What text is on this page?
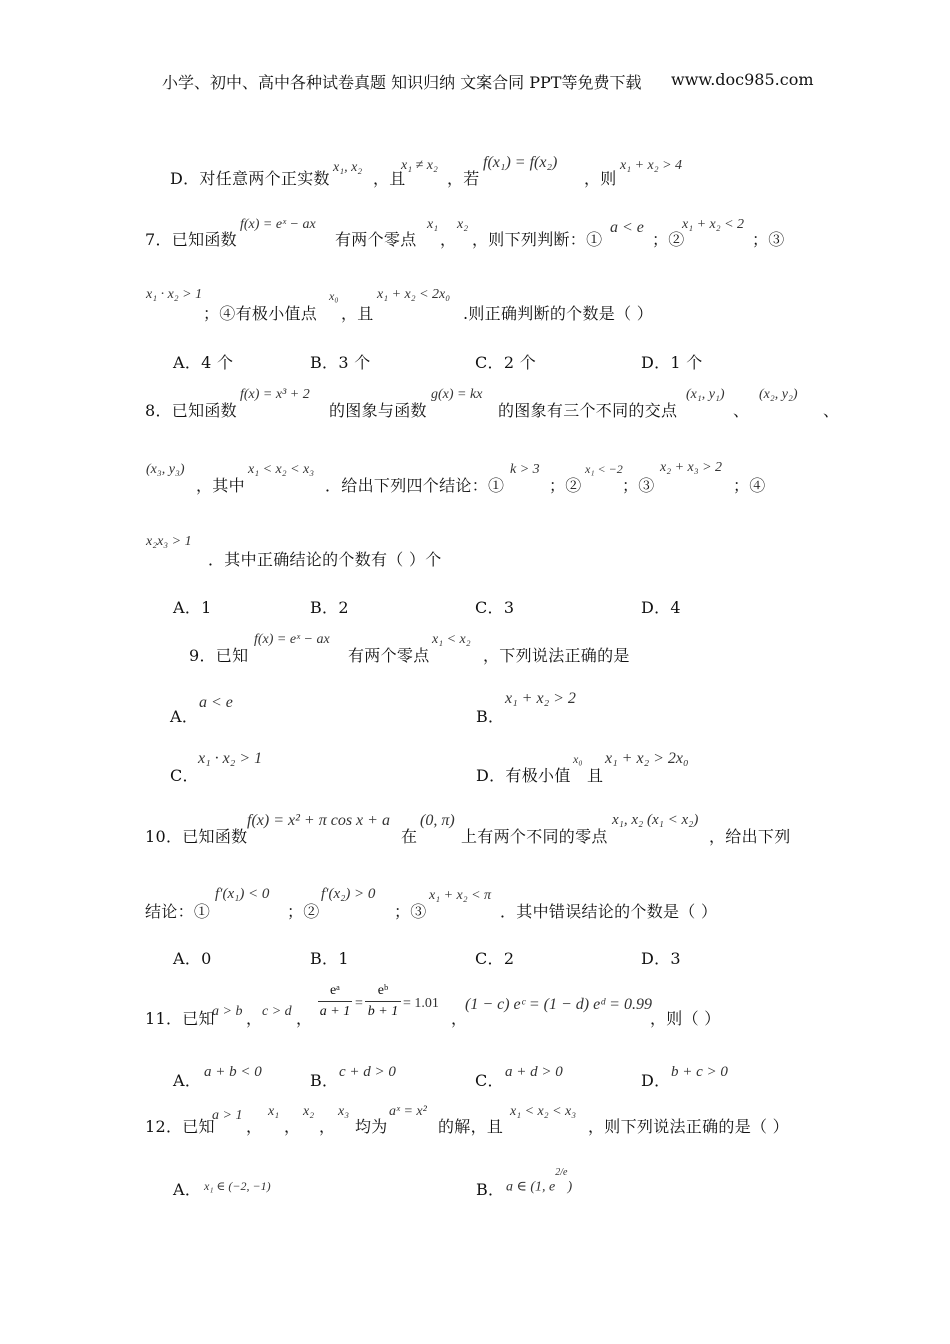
小学、初中、高中各种试卷真题 知识归纳 文案合同 PPT等免费下载 www.doc985.com
D．对任意两个正实数
x₁, x₂
，且
x₁ ≠ x₂
，若
f(x₁) = f(x₂)
，则
x₁ + x₂ > 4
7．已知函数
f(x) = eˣ − ax
有两个零点
x₁
，
x₂
，则下列判断：①
a < e
；②
x₁ + x₂ < 2
；③
x₁ · x₂ > 1
；④有极小值点
x₀
，且
x₁ + x₂ < 2x₀
.则正确判断的个数是（ ）
A．4 个	B．3 个	C．2 个	D．1 个
8．已知函数
f(x) = x³ + 2
的图象与函数
g(x) = kx
的图象有三个不同的交点
(x₁, y₁)
、
(x₂, y₂)
、
(x₃, y₃)
，其中
x₁ < x₂ < x₃
．给出下列四个结论：①
k > 3
；②
x₁ < −2
；③
x₂ + x₃ > 2
；④
x₂x₃ > 1
．其中正确结论的个数有（ ）个
A．1	B．2	C．3	D．4
9．已知
f(x) = eˣ − ax
有两个零点
x₁ < x₂
，下列说法正确的是
A．
a < e
B．
x₁ + x₂ > 2
C．
x₁ · x₂ > 1
D．有极小值
x₀
且
x₁ + x₂ > 2x₀
10．已知函数
f(x) = x² + π cos x + a
在
(0, π)
上有两个不同的零点
x₁, x₂ (x₁ < x₂)
，给出下列
结论：①
f′(x₁) < 0
；②
f′(x₂) > 0
；③
x₁ + x₂ < π
．其中错误结论的个数是（ ）
A．0	B．1	C．2	D．3
11．已知
a > b ， c > d ，
eᵃ
a + 1
=
eᵇ
b + 1
= 1.01
，
(1 − c) eᶜ = (1 − d) eᵈ = 0.99
，则（ ）
A． a + b < 0	B． c + d > 0	C． a + d > 0	D． b + c > 0
12．已知
a > 1
，
x₁
，
x₂
，
x₃
均为
aˣ = x²
的解，且
x₁ < x₂ < x₃
，则下列说法正确的是（ ）
A． x₁ ∈ (−2, −1)	B． a ∈ (1, $e^{2/e}$)
